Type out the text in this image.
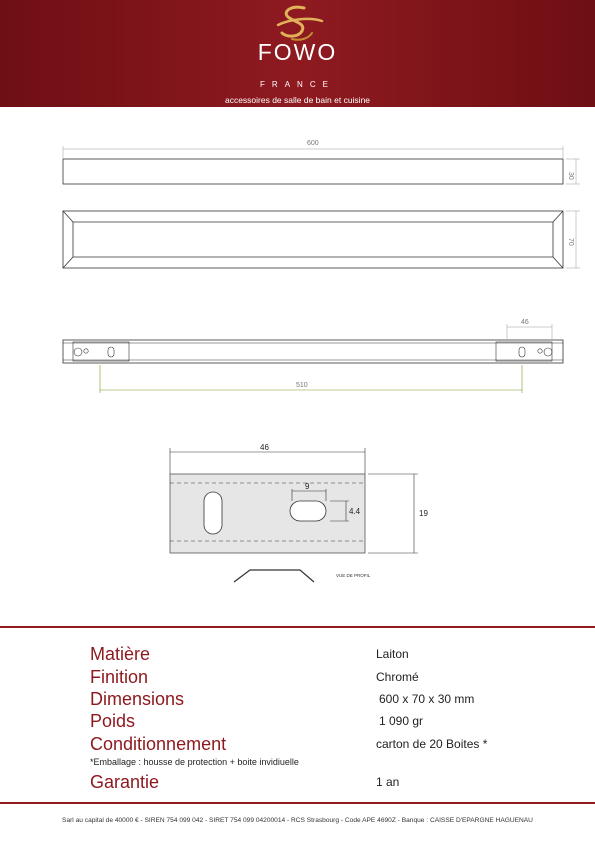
FOWO
FRANCE
accessoires de salle de bain et cuisine
600
30
70
46
510
46
9
4.4	19
VUE DE PROFIL
Matière	Laiton
Finition	Chromé
Dimensions	600 x 70 x 30 mm
Poids	1 090 gr
Conditionnement	carton de 20 Boites *
*Emballage : housse de protection + boite invidiuelle
Garantie	1 an
Sarl au capital de 40000 € - SIREN 754 099 042 - SIRET 754 099 04200014 - RCS Strasbourg - Code APE 4690Z - Banque : CAISSE D'EPARGNE HAGUENAU
